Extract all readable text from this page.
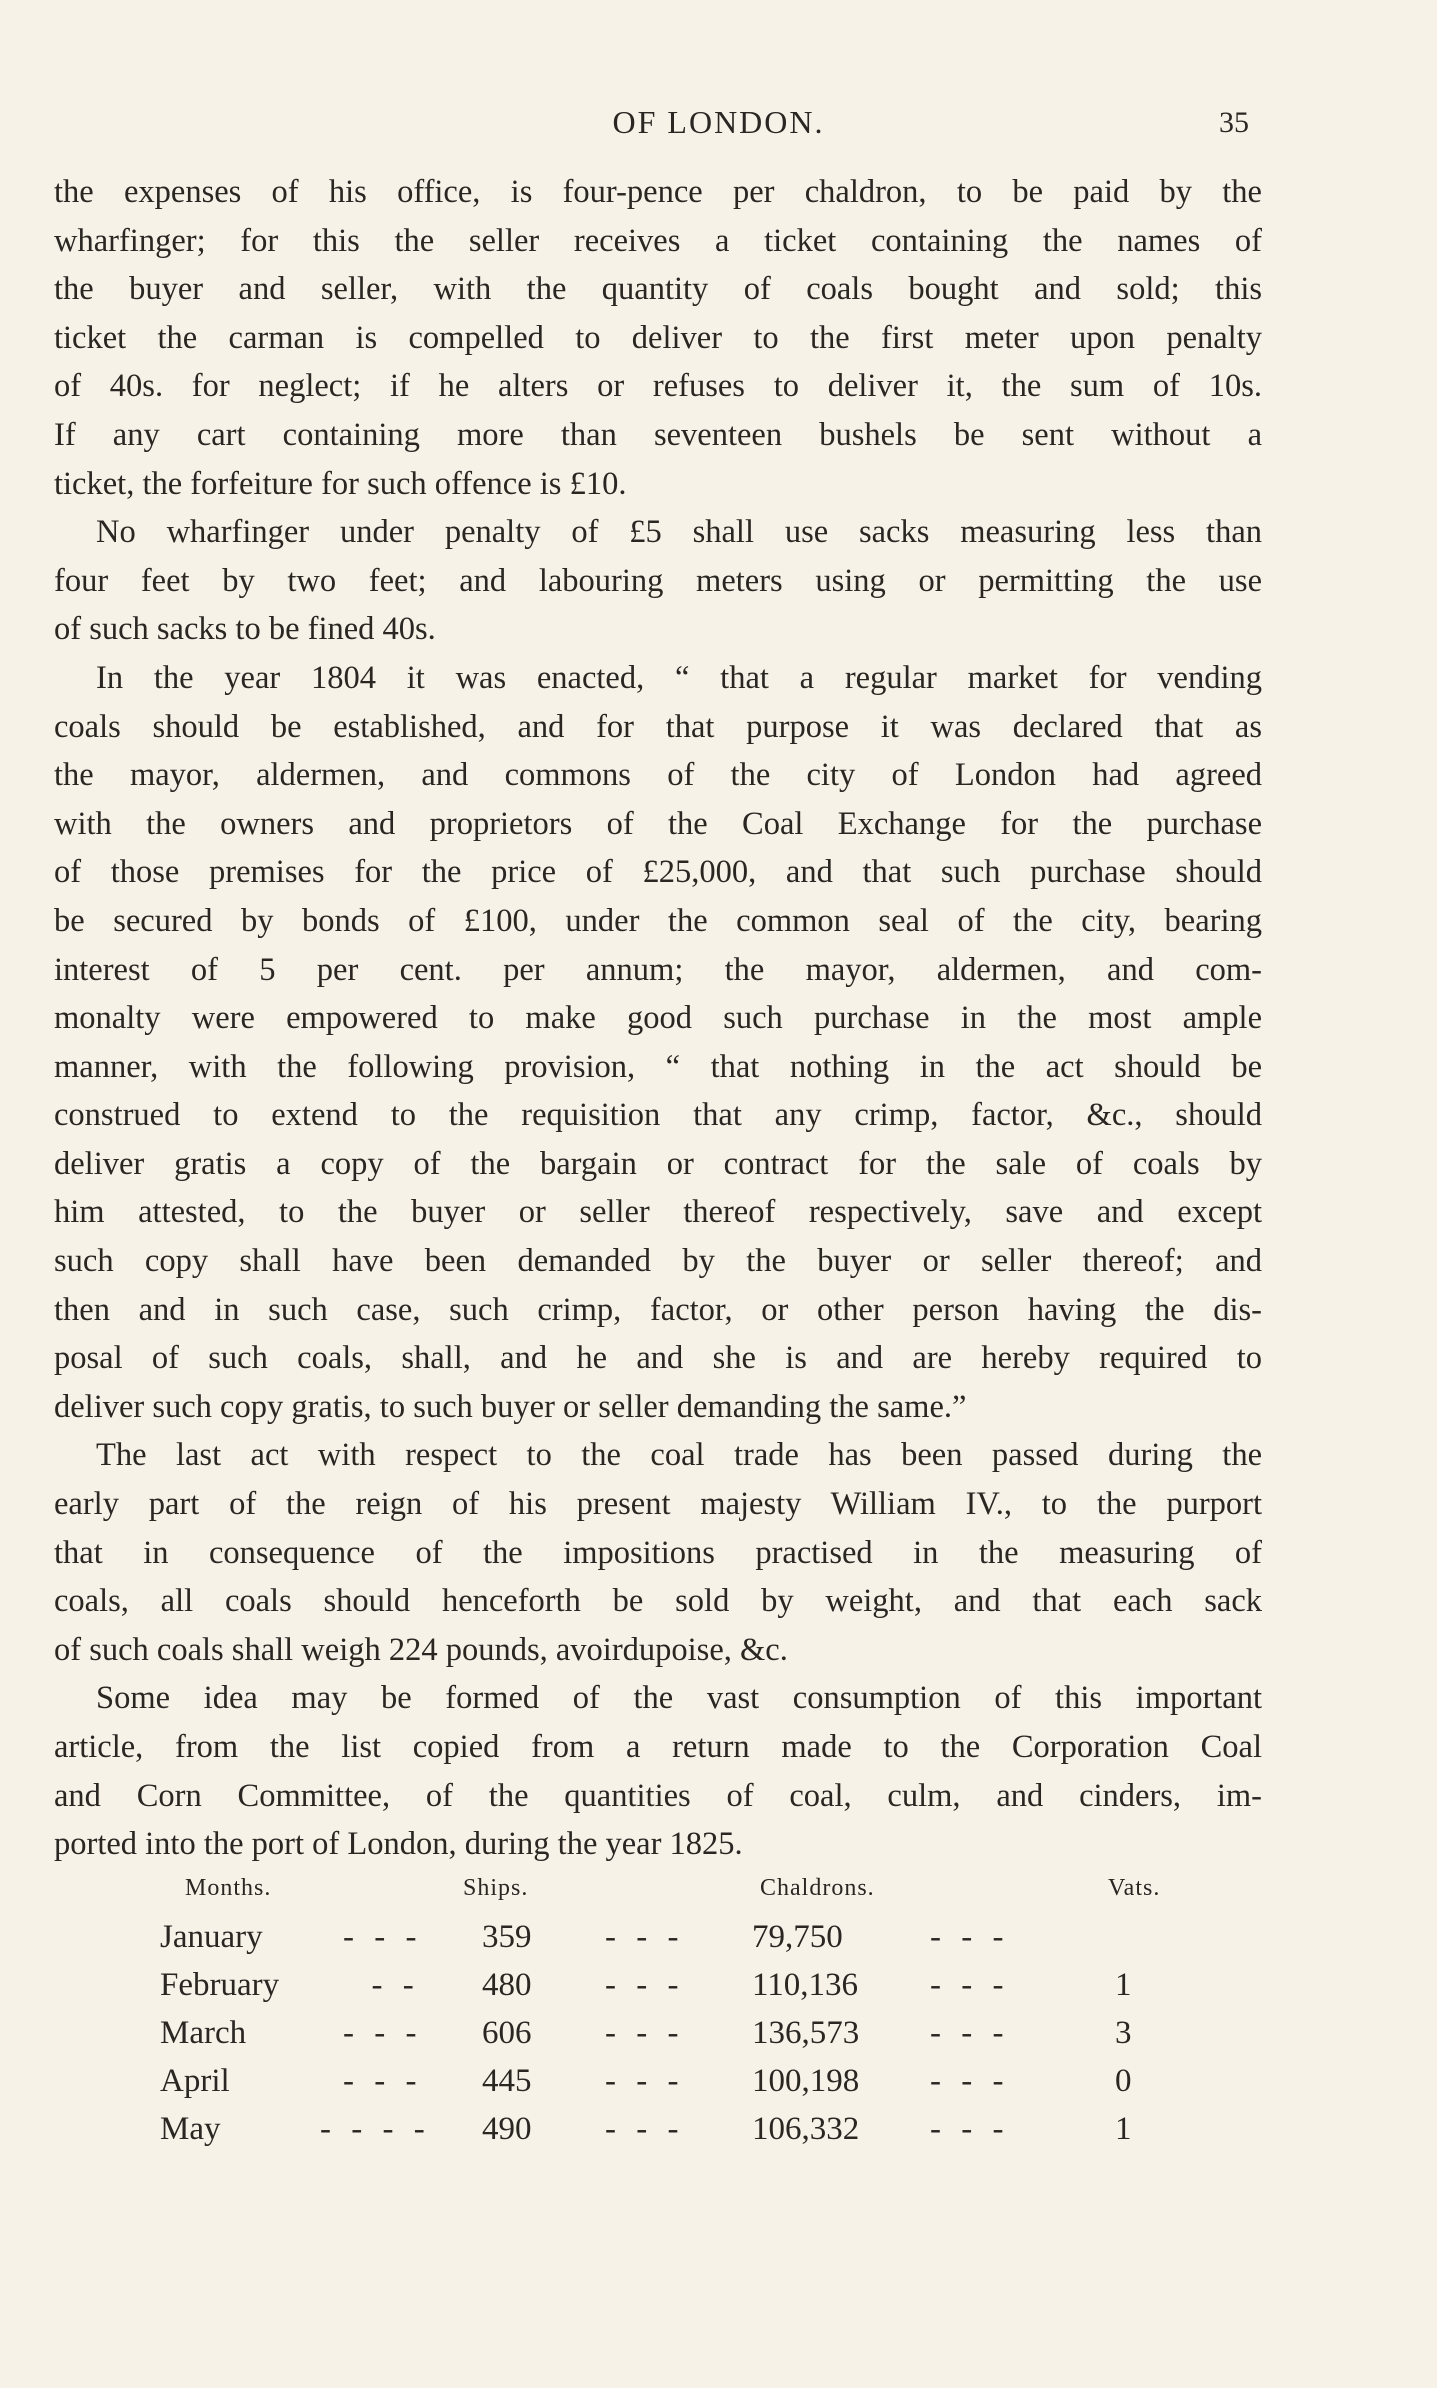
OF LONDON.	35
the expenses of his office, is four-pence per chaldron, to be paid by the
wharfinger; for this the seller receives a ticket containing the names of
the buyer and seller, with the quantity of coals bought and sold; this
ticket the carman is compelled to deliver to the first meter upon penalty
of 40s. for neglect; if he alters or refuses to deliver it, the sum of 10s.
If any cart containing more than seventeen bushels be sent without a
ticket, the forfeiture for such offence is £10.
No wharfinger under penalty of £5 shall use sacks measuring less than
four feet by two feet; and labouring meters using or permitting the use
of such sacks to be fined 40s.
In the year 1804 it was enacted, “ that a regular market for vending
coals should be established, and for that purpose it was declared that as
the mayor, aldermen, and commons of the city of London had agreed
with the owners and proprietors of the Coal Exchange for the purchase
of those premises for the price of £25,000, and that such purchase should
be secured by bonds of £100, under the common seal of the city, bearing
interest of 5 per cent. per annum; the mayor, aldermen, and com-
monalty were empowered to make good such purchase in the most ample
manner, with the following provision, “ that nothing in the act should be
construed to extend to the requisition that any crimp, factor, &c., should
deliver gratis a copy of the bargain or contract for the sale of coals by
him attested, to the buyer or seller thereof respectively, save and except
such copy shall have been demanded by the buyer or seller thereof; and
then and in such case, such crimp, factor, or other person having the dis-
posal of such coals, shall, and he and she is and are hereby required to
deliver such copy gratis, to such buyer or seller demanding the same.”
The last act with respect to the coal trade has been passed during the
early part of the reign of his present majesty William IV., to the purport
that in consequence of the impositions practised in the measuring of
coals, all coals should henceforth be sold by weight, and that each sack
of such coals shall weigh 224 pounds, avoirdupoise, &c.
Some idea may be formed of the vast consumption of this important
article, from the list copied from a return made to the Corporation Coal
and Corn Committee, of the quantities of coal, culm, and cinders, im-
ported into the port of London, during the year 1825.
Months.	Ships.	Chaldrons.	Vats.
January - - - 359 - - - 79,750	- - -
February - - 480 - - - 110,136 - - -	1
March	- - - 606 - - - 136,573 - - -	3
April	- - - 445 - - - 100,198 - - -	0
May	- - - - 490 - - - 106,332 - - -	1
